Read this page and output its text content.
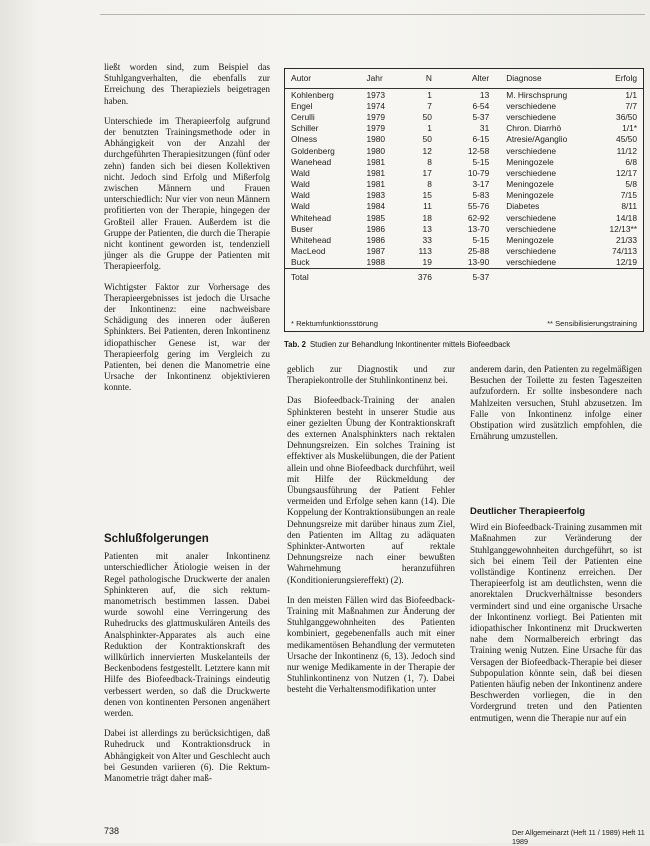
ließt worden sind, zum Beispiel das Stuhlgangverhalten, die ebenfalls zur Erreichung des Therapieziels beigetragen haben.

Unterschiede im Therapieerfolg aufgrund der benutzten Trainingsmethode oder in Abhängigkeit von der Anzahl der durchgeführten Therapiesitzungen (fünf oder zehn) fanden sich bei diesen Kollektiven nicht. Jedoch sind Erfolg und Mißerfolg zwischen Männern und Frauen unterschiedlich: Nur vier von neun Männern profitierten von der Therapie, hingegen der Großteil aller Frauen. Außerdem ist die Gruppe der Patienten, die durch die Therapie nicht kontinent geworden ist, tendenziell jünger als die Gruppe der Patienten mit Therapieerfolg.

Wichtigster Faktor zur Vorhersage des Therapieergebnisses ist jedoch die Ursache der Inkontinenz: eine nachweisbare Schädigung des inneren oder äußeren Sphinkters. Bei Patienten, deren Inkontinenz idiopathischer Genese ist, war der Therapieerfolg gering im Vergleich zu Patienten, bei denen die Manometrie eine Ursache der Inkontinenz objektivieren konnte.

Schlußfolgerungen

Patienten mit analer Inkontinenz unterschiedlicher Ätiologie weisen in der Regel pathologische Druckwerte der analen Sphinkteren auf, die sich rektum-manometrisch bestimmen lassen. Dabei wurde sowohl eine Verringerung des Ruhedrucks des glattmuskulären Anteils des Analsphinkter-Apparates als auch eine Reduktion der Kontraktionskraft des willkürlich innervierten Muskelanteils der Beckenbodens festgestellt. Letztere kann mit Hilfe des Biofeedback-Trainings eindeutig verbessert werden, so daß die Druckwerte denen von kontinenten Personen angenähert werden.

Dabei ist allerdings zu berücksichtigen, daß Ruhedruck und Kontraktionsdruck in Abhängigkeit von Alter und Geschlecht auch bei Gesunden variieren (6). Die Rektum-Manometrie trägt daher maß-

Autor	Jahr	N	Alter	Diagnose	Erfolg
Kohlenberg	1973	1	13	M. Hirschsprung	1/1
Engel	1974	7	6-54	verschiedene	7/7
Cerulli	1979	50	5-37	verschiedene	36/50
Schiller	1979	1	31	Chron. Diarrhö	1/1*
Olness	1980	50	6-15	Atresie/Aganglio	45/50
Goldenberg	1980	12	12-58	verschiedene	11/12
Wanehead	1981	8	5-15	Meningozele	6/8
Wald	1981	17	10-79	verschiedene	12/17
Wald	1981	8	3-17	Meningozele	5/8
Wald	1983	15	5-83	Meningozele	7/15
Wald	1984	11	55-76	Diabetes	8/11
Whitehead	1985	18	62-92	verschiedene	14/18
Buser	1986	13	13-70	verschiedene	12/13**
Whitehead	1986	33	5-15	Meningozele	21/33
MacLeod	1987	113	25-88	verschiedene	74/113
Buck	1988	19	13-90	verschiedene	12/19
Total		376	5-37		
* Rektumfunktionsstörung	** Sensibilisierungstraining
Tab. 2 Studien zur Behandlung Inkontinenter mittels Biofeedback

geblich zur Diagnostik und zur Therapiekontrolle der Stuhlinkontinenz bei.

Das Biofeedback-Training der analen Sphinkteren besteht in unserer Studie aus einer gezielten Übung der Kontraktionskraft des externen Analsphinkters nach rektalen Dehnungsreizen. Ein solches Training ist effektiver als Muskelübungen, die der Patient allein und ohne Biofeedback durchführt, weil mit Hilfe der Rückmeldung der Übungsausführung der Patient Fehler vermeiden und Erfolge sehen kann (14). Die Koppelung der Kontraktionsübungen an reale Dehnungsreize mit darüber hinaus zum Ziel, den Patienten im Alltag zu adäquaten Sphinkter-Antworten auf rektale Dehnungsreize nach einer bewußten Wahrnehmung heranzuführen (Konditionierungsiereffekt) (2).

In den meisten Fällen wird das Biofeedback-Training mit Maßnahmen zur Änderung der Stuhlganggewohnheiten des Patienten kombiniert, gegebenenfalls auch mit einer medikamentösen Behandlung der vermuteten Ursache der Inkontinenz (6, 13). Jedoch sind nur wenige Medikamente in der Therapie der Stuhlinkontinenz von Nutzen (1, 7). Dabei besteht die Verhaltensmodifikation unter

anderem darin, den Patienten zu regelmäßigen Besuchen der Toilette zu festen Tageszeiten aufzufordern. Er sollte insbesondere nach Mahlzeiten versuchen, Stuhl abzusetzen. Im Falle von Inkontinenz infolge einer Obstipation wird zusätzlich empfohlen, die Ernährung umzustellen.

Deutlicher Therapieerfolg

Wird ein Biofeedback-Training zusammen mit Maßnahmen zur Veränderung der Stuhlganggewohnheiten durchgeführt, so ist sich bei einem Teil der Patienten eine vollständige Kontinenz erreichen. Der Therapieerfolg ist am deutlichsten, wenn die anorektalen Druckverhältnisse besonders vermindert sind und eine organische Ursache der Inkontinenz vorliegt. Bei Patienten mit idiopathischer Inkontinenz mit Druckwerten nahe dem Normalbereich erbringt das Training wenig Nutzen. Eine Ursache für das Versagen der Biofeedback-Therapie bei dieser Subpopulation könnte sein, daß bei diesen Patienten häufig neben der Inkontinenz andere Beschwerden vorliegen, die in den Vordergrund treten und den Patienten entmutigen, wenn die Therapie nur auf ein

738	Der Allgemeinarzt (Heft 11 / 1989) Heft 11 1989
